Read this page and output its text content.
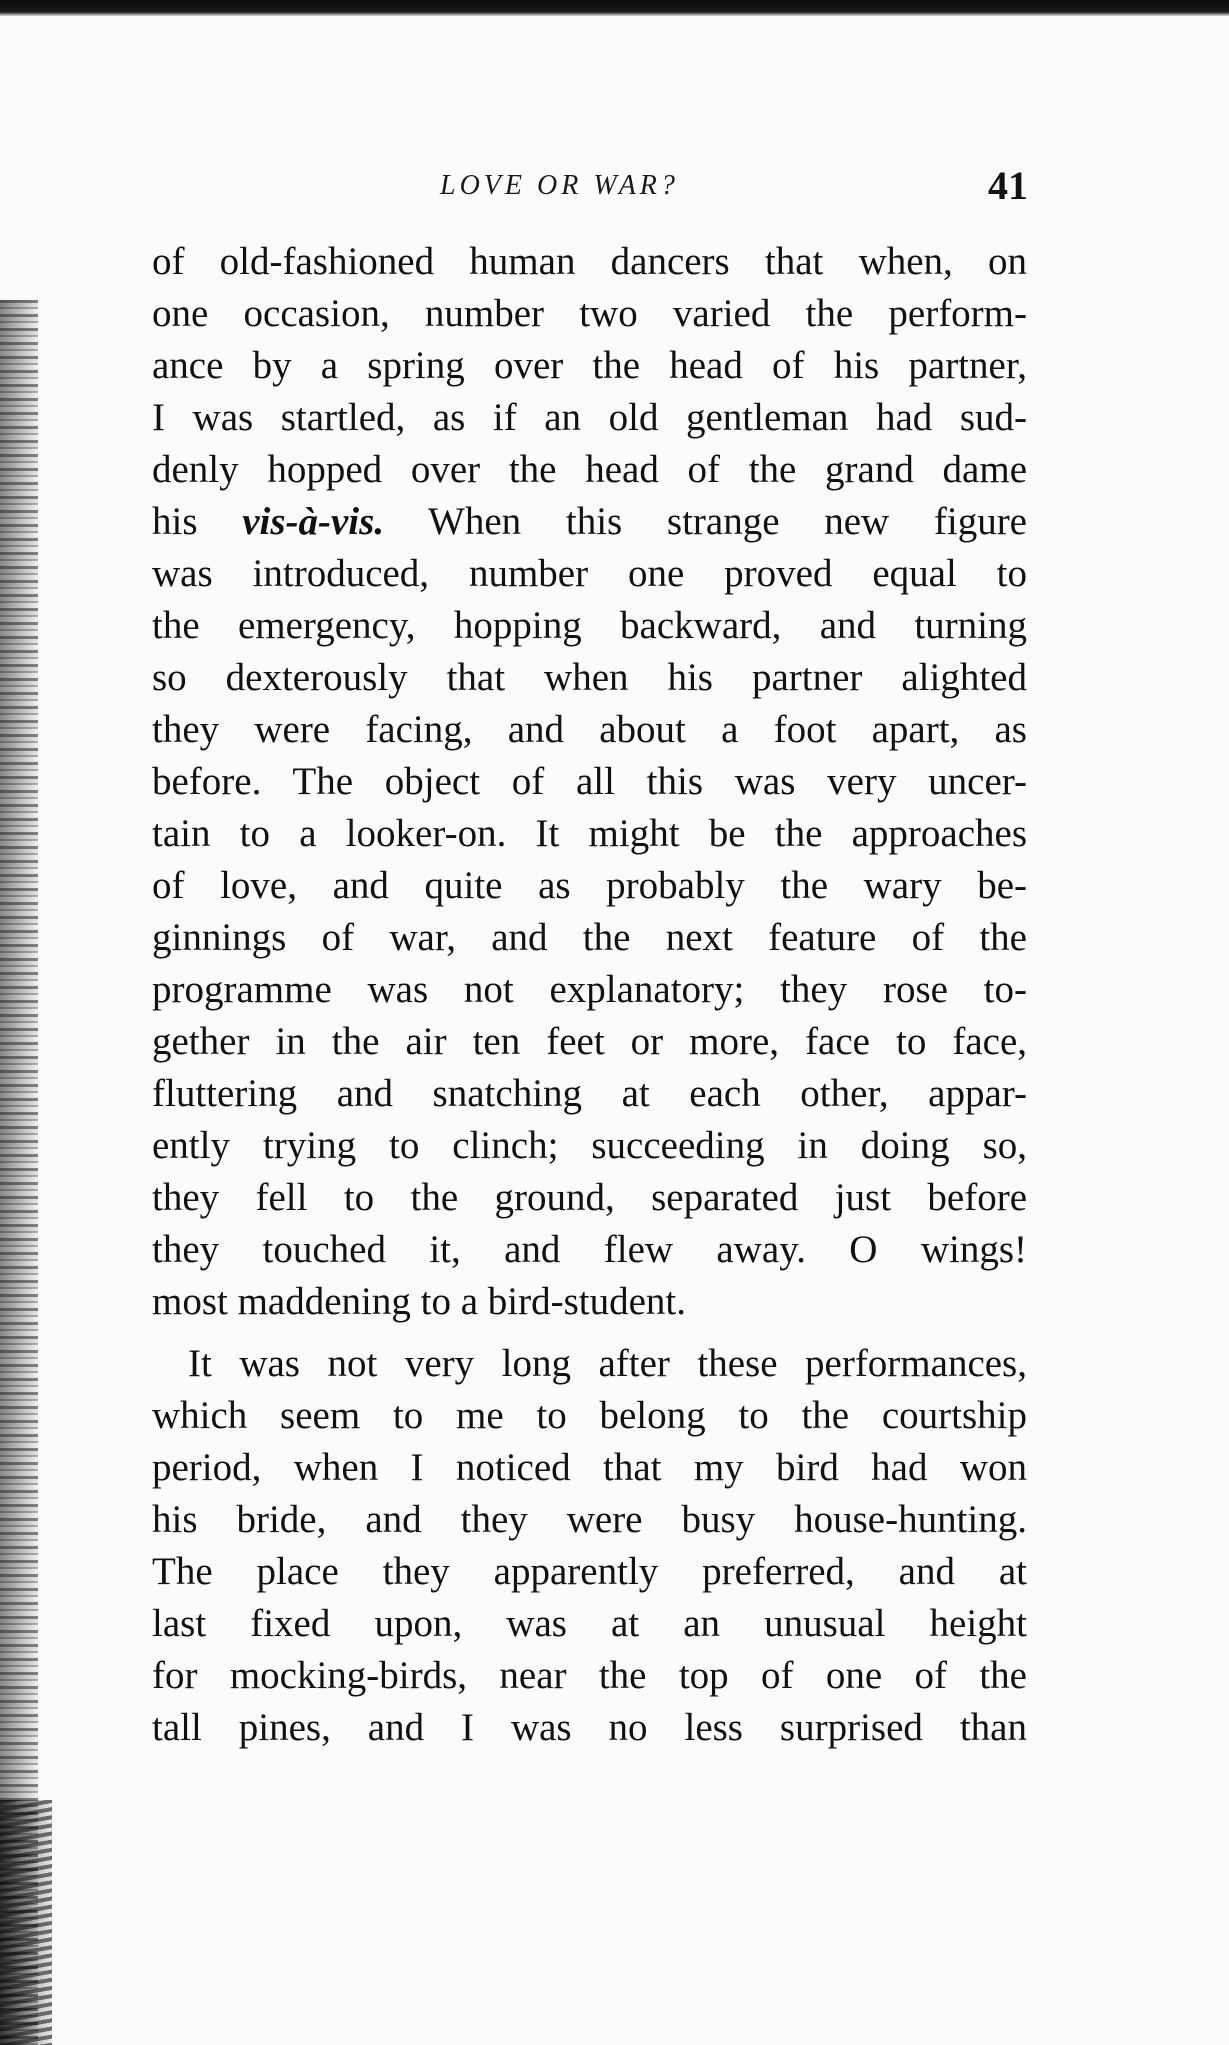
LOVE OR WAR?	41
of old-fashioned human dancers that when, on
one occasion, number two varied the perform-
ance by a spring over the head of his partner,
I was startled, as if an old gentleman had sud-
denly hopped over the head of the grand dame
his vis-à-vis. When this strange new figure
was introduced, number one proved equal to
the emergency, hopping backward, and turning
so dexterously that when his partner alighted
they were facing, and about a foot apart, as
before. The object of all this was very uncer-
tain to a looker-on. It might be the approaches
of love, and quite as probably the wary be-
ginnings of war, and the next feature of the
programme was not explanatory; they rose to-
gether in the air ten feet or more, face to face,
fluttering and snatching at each other, appar-
ently trying to clinch; succeeding in doing so,
they fell to the ground, separated just before
they touched it, and flew away. O wings!
most maddening to a bird-student.
It was not very long after these performances,
which seem to me to belong to the courtship
period, when I noticed that my bird had won
his bride, and they were busy house-hunting.
The place they apparently preferred, and at
last fixed upon, was at an unusual height
for mocking-birds, near the top of one of the
tall pines, and I was no less surprised than
